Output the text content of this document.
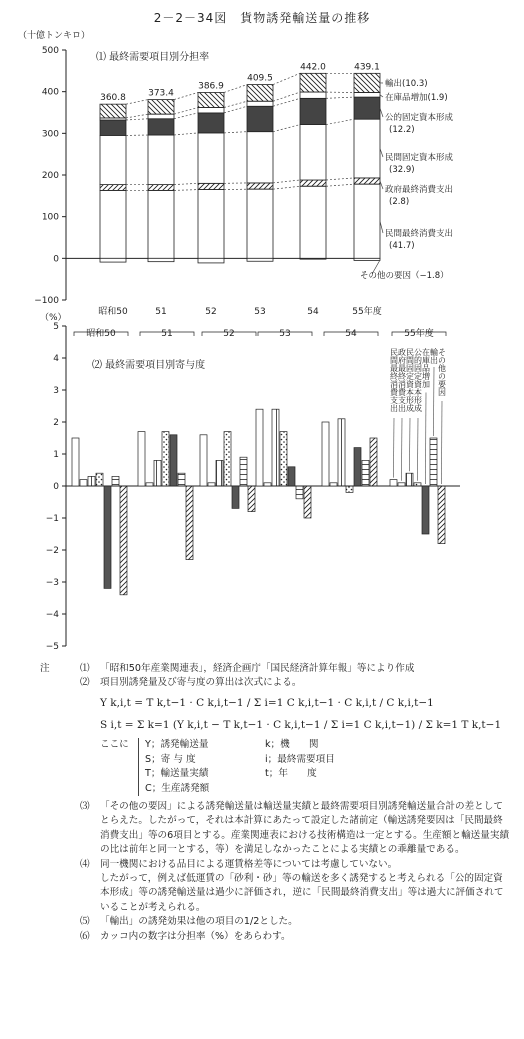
2－2－34図　貨物誘発輸送量の推移
（十億トンキロ）
⑴ 最終需要項目別分担率
500
400
300
200
100
0
−100
360.8
昭和50
373.4
51
386.9
52
409.5
53
442.0
54
439.1
55年度
民間最終消費支出
(41.7)
政府最終消費支出
(2.8)
民間固定資本形成
(32.9)
公的固定資本形成
(12.2)
在庫品増加(1.9)
輸出(10.3)
その他の要因（−1.8）
（%）
5
4
3
2
1
0
−1
−2
−3
−4
−5
⑵ 最終需要項目別寄与度
昭和50	51	52	53	54	55年度
民間最終消費支出 政府最終消費支出 民間固定資本形成 公的固定資本形成 在庫品増加 輸出 その他の要因
注	⑴	「昭和50年産業関連表」，経済企画庁「国民経済計算年報」等により作成
⑵	項目別誘発量及び寄与度の算出は次式による。
Y k,i,t = T k,t−1 · C k,i,t−1 / Σ i=1 C k,i,t−1 · C k,i,t / C k,i,t−1
S i,t = Σ k=1 (Y k,i,t − T k,t−1 · C k,i,t−1 / Σ i=1 C k,i,t−1) / Σ k=1 T k,t−1
ここに	Y；誘発輸送量	k；機　　関
S；寄 与 度	i；最終需要項目
T；輸送量実績	t；年　　度
C；生産誘発額
⑶	「その他の要因」による誘発輸送量は輸送量実績と最終需要項目別誘発輸送量合計の差としてとらえた。したがって，それは本計算にあたって設定した諸前定（輸送誘発要因は「民間最終消費支出」等の6項目とする。産業関連表における技術構造は一定とする。生産額と輸送量実績の比は前年と同一とする，等）を満足しなかったことによる実績との乖離量である。
⑷	同一機関における品目による運賃格差等については考慮していない。
したがって，例えば低運賃の「砂利・砂」等の輸送を多く誘発すると考えられる「公的固定資本形成」等の誘発輸送量は過少に評価され，逆に「民間最終消費支出」等は過大に評価されていることが考えられる。
⑸	「輸出」の誘発効果は他の項目の1/2とした。
⑹	カッコ内の数字は分担率（%）をあらわす。
